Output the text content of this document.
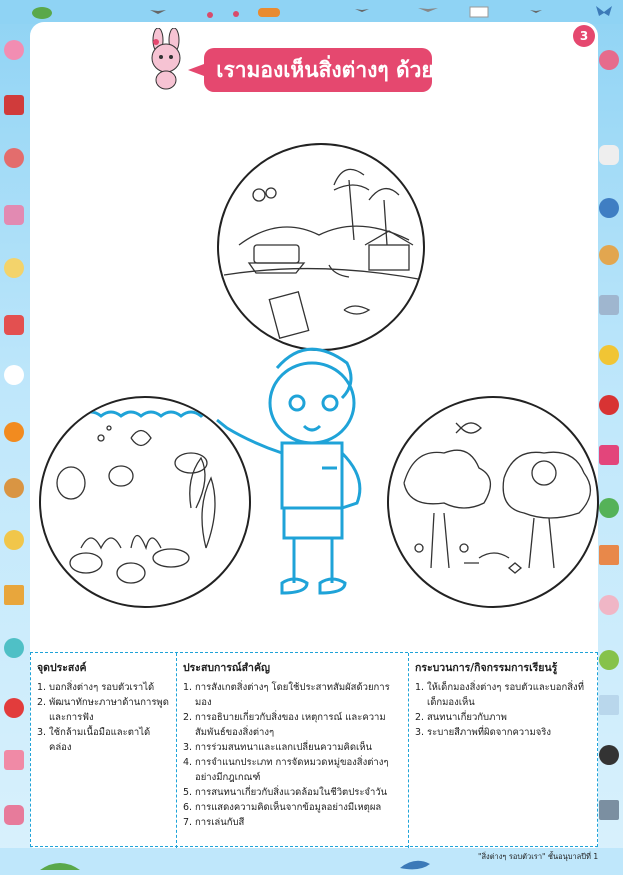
3
เรามองเห็นสิ่งต่างๆ ด้วยตา
จุดประสงค์
1. บอกสิ่งต่างๆ รอบตัวเราได้
2. พัฒนาทักษะภาษาด้านการพูดและการฟัง
3. ใช้กล้ามเนื้อมือและตาได้คล่อง
ประสบการณ์สำคัญ
1. การสังเกตสิ่งต่างๆ โดยใช้ประสาทสัมผัสด้วยการมอง
2. การอธิบายเกี่ยวกับสิ่งของ เหตุการณ์ และความสัมพันธ์ของสิ่งต่างๆ
3. การร่วมสนทนาและแลกเปลี่ยนความคิดเห็น
4. การจำแนกประเภท การจัดหมวดหมู่ของสิ่งต่างๆ อย่างมีกฎเกณฑ์
5. การสนทนาเกี่ยวกับสิ่งแวดล้อมในชีวิตประจำวัน
6. การแสดงความคิดเห็นจากข้อมูลอย่างมีเหตุผล
7. การเล่นกับสี
กระบวนการ/กิจกรรมการเรียนรู้
1. ให้เด็กมองสิ่งต่างๆ รอบตัวและบอกสิ่งที่เด็กมองเห็น
2. สนทนาเกี่ยวกับภาพ
3. ระบายสีภาพที่ผิดจากความจริง
"สิ่งต่างๆ รอบตัวเรา" ชั้นอนุบาลปีที่ 1
